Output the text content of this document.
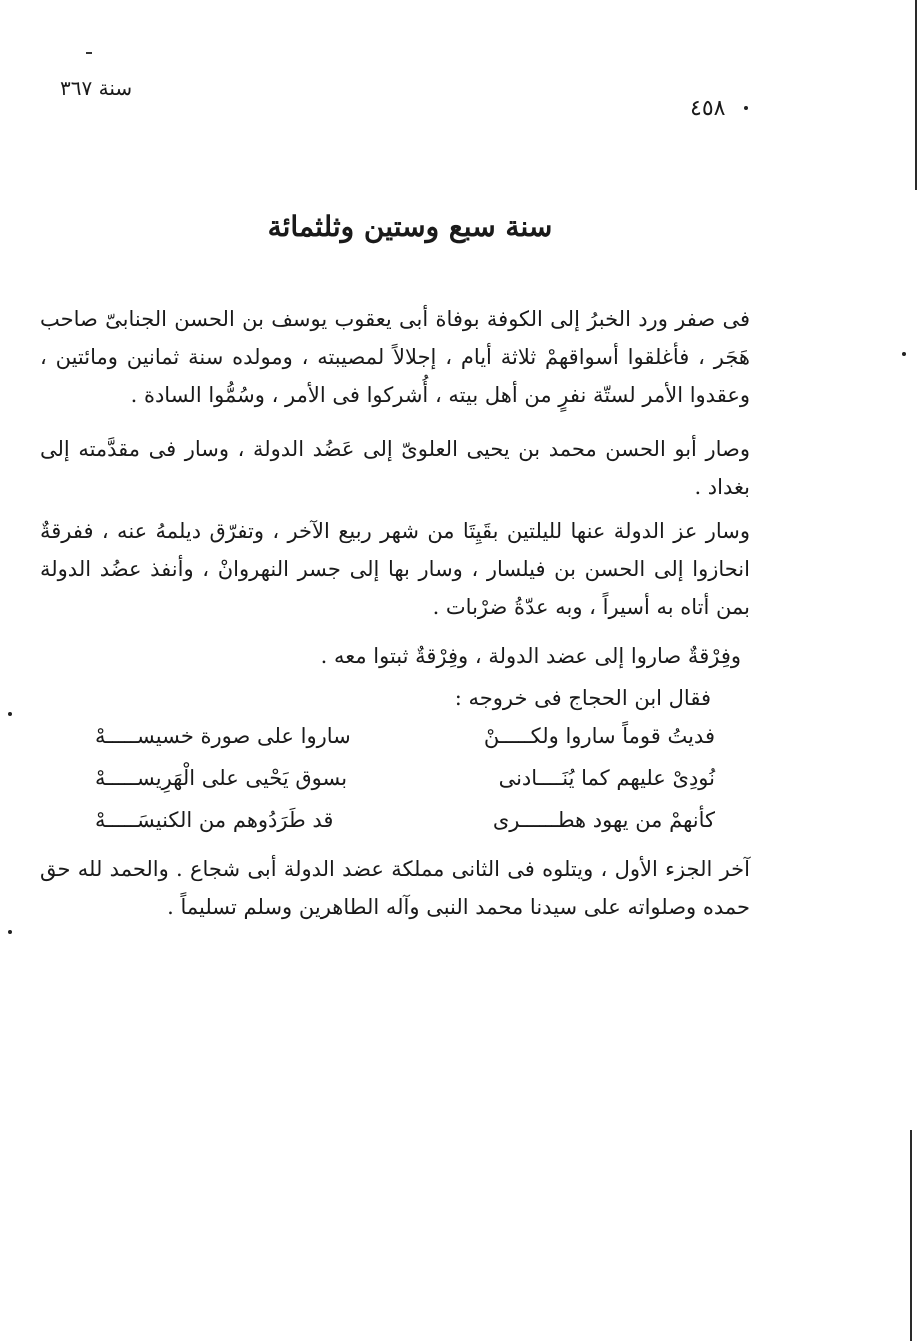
سنة ٣٦٧
٤٥٨
سنة سبع وستين وثلثمائة
فى صفر ورد الخبرُ إلى الكوفة بوفاة أبى يعقوب يوسف بن الحسن الجنابىّ صاحب هَجَر ، فأغلقوا أسواقهمْ ثلاثة أيام ، إجلالاً لمصيبته ، ومولده سنة ثمانين ومائتين ، وعقدوا الأمر لستّة نفرٍ من أهل بيته ، أُشركوا فى الأمر ، وسُمُّوا السادة .
وصار أبو الحسن محمد بن يحيى العلوىّ إلى عَضُد الدولة ، وسار فى مقدَّمته إلى بغداد .
وسار عز الدولة عنها لليلتين بقَيِتَا من شهر ربيع الآخر ، وتفرّق ديلمهُ عنه ، ففرقةٌ انحازوا إلى الحسن بن فيلسار ، وسار بها إلى جسر النهروانْ ، وأنفذ عضُد الدولة بمن أتاه به أسيراً ، وبه عدّةُ ضرْبات .
وفِرْقةٌ صاروا إلى عضد الدولة ، وفِرْقةٌ ثبتوا معه .
فقال ابن الحجاج فى خروجه :
فديتُ قوماً ساروا ولكـــــنْ
ساروا على صورة خسيســـــهْ
نُودِىْ عليهم كما يُنَــــادنى
بسوق يَحْيى على الْهَرِيســـــهْ
كأنهمْ من يهود هطــــــرى
قد طَرَدُوهم من الكنيسَـــــهْ
آخر الجزء الأول ، ويتلوه فى الثانى مملكة عضد الدولة أبى شجاع . والحمد لله حق حمده وصلواته على سيدنا محمد النبى وآله الطاهرين وسلم تسليماً .
